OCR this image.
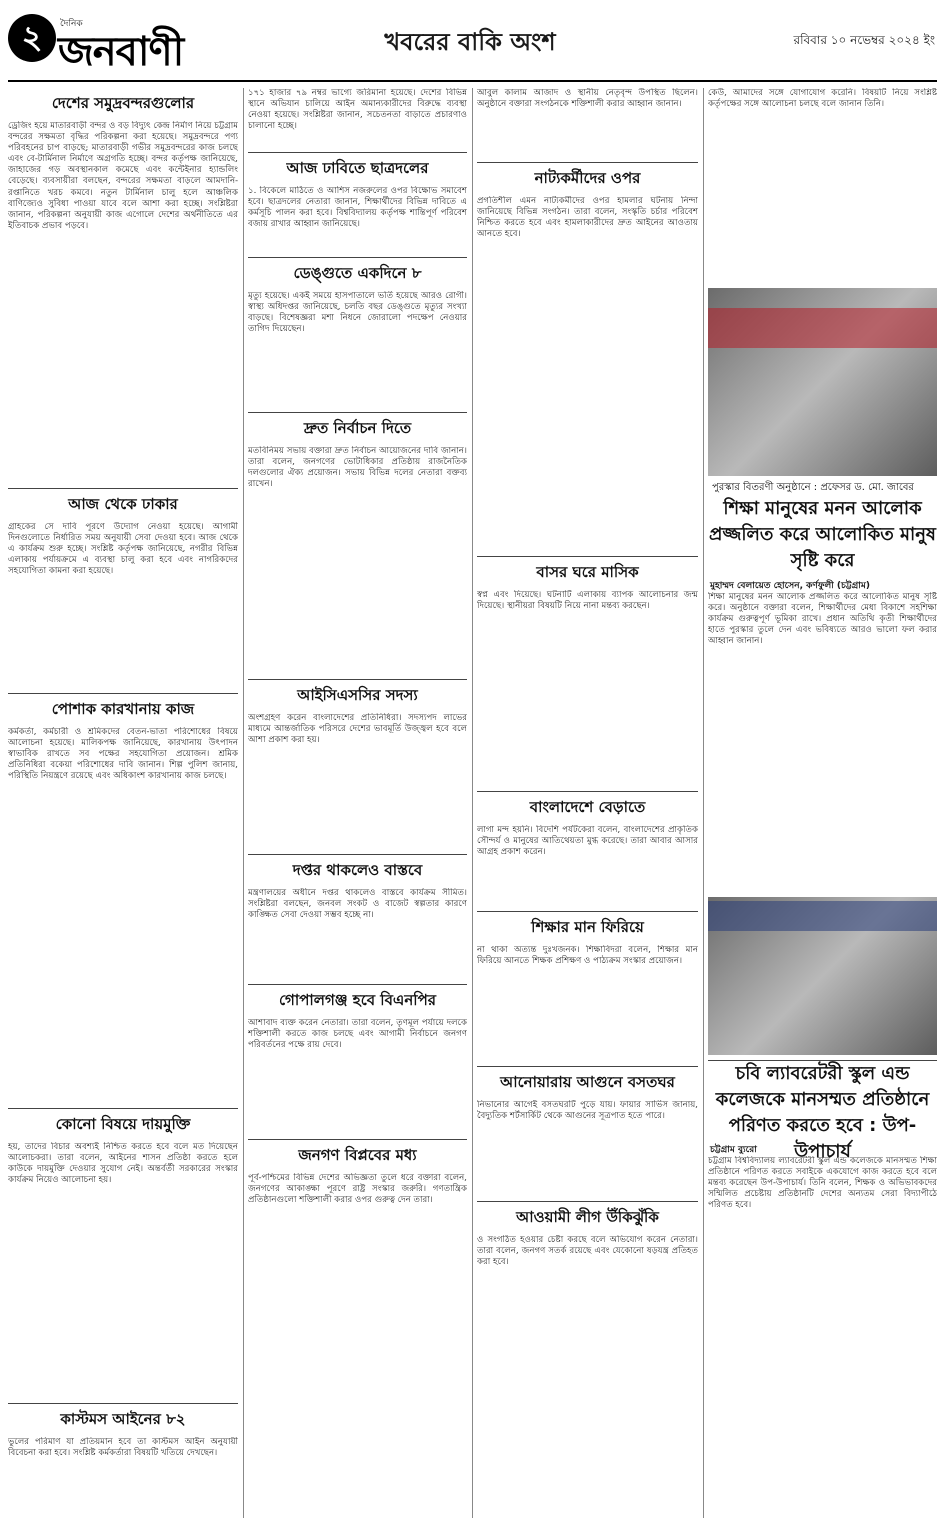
২	দৈনিক
জনবাণী	খবরের বাকি অংশ	রবিবার ১০ নভেম্বর ২০২৪ ইং
দেশের সমুদ্রবন্দরগুলোর
ড্রেজিং হয়ে মাতারবাড়ী বন্দর ও বড় বিদ্যুৎ কেন্দ্র নির্মাণ নিয়ে চট্টগ্রাম বন্দরের সক্ষমতা বৃদ্ধির পরিকল্পনা করা হয়েছে। সমুদ্রবন্দরে পণ্য পরিবহনের চাপ বাড়ছে; মাতারবাড়ী গভীর সমুদ্রবন্দরের কাজ চলছে এবং বে-টার্মিনাল নির্মাণে অগ্রগতি হচ্ছে। বন্দর কর্তৃপক্ষ জানিয়েছে, জাহাজের গড় অবস্থানকাল কমেছে এবং কন্টেইনার হ্যান্ডলিং বেড়েছে। ব্যবসায়ীরা বলছেন, বন্দরের সক্ষমতা বাড়লে আমদানি-রপ্তানিতে খরচ কমবে। নতুন টার্মিনাল চালু হলে আঞ্চলিক বাণিজ্যেও সুবিধা পাওয়া যাবে বলে আশা করা হচ্ছে। সংশ্লিষ্টরা জানান, পরিকল্পনা অনুযায়ী কাজ এগোলে দেশের অর্থনীতিতে এর ইতিবাচক প্রভাব পড়বে।
আজ থেকে ঢাকার
গ্রাহকের সে দাবি পূরণে উদ্যোগ নেওয়া হয়েছে। আগামী দিনগুলোতে নির্ধারিত সময় অনুযায়ী সেবা দেওয়া হবে। আজ থেকে এ কার্যক্রম শুরু হচ্ছে। সংশ্লিষ্ট কর্তৃপক্ষ জানিয়েছে, নগরীর বিভিন্ন এলাকায় পর্যায়ক্রমে এ ব্যবস্থা চালু করা হবে এবং নাগরিকদের সহযোগিতা কামনা করা হয়েছে।
পোশাক কারখানায় কাজ
কর্মকর্তা, কর্মচারী ও শ্রমিকদের বেতন-ভাতা পরিশোধের বিষয়ে আলোচনা হয়েছে। মালিকপক্ষ জানিয়েছে, কারখানায় উৎপাদন স্বাভাবিক রাখতে সব পক্ষের সহযোগিতা প্রয়োজন। শ্রমিক প্রতিনিধিরা বকেয়া পরিশোধের দাবি জানান। শিল্প পুলিশ জানায়, পরিস্থিতি নিয়ন্ত্রণে রয়েছে এবং অধিকাংশ কারখানায় কাজ চলছে।
কোনো বিষয়ে দায়মুক্তি
হয়, তাদের বিচার অবশ্যই নিশ্চিত করতে হবে বলে মত দিয়েছেন আলোচকরা। তারা বলেন, আইনের শাসন প্রতিষ্ঠা করতে হলে কাউকে দায়মুক্তি দেওয়ার সুযোগ নেই। অন্তর্বর্তী সরকারের সংস্কার কার্যক্রম নিয়েও আলোচনা হয়।
কাস্টমস আইনের ৮২
ভুলের পরিমাণ যা প্রতিয়মান হবে তা কাস্টমস আইন অনুযায়ী বিবেচনা করা হবে। সংশ্লিষ্ট কর্মকর্তারা বিষয়টি খতিয়ে দেখছেন।
১৭১ হাজার ৭৯ নম্বর ভাগ্যে জরিমানা হয়েছে। দেশের বিভিন্ন স্থানে অভিযান চালিয়ে আইন অমান্যকারীদের বিরুদ্ধে ব্যবস্থা নেওয়া হয়েছে। সংশ্লিষ্টরা জানান, সচেতনতা বাড়াতে প্রচারণাও চালানো হচ্ছে।
আজ ঢাবিতে ছাত্রদলের
১. বিকেলে মাঠিতে ও আশিস নজরুলের ওপর বিক্ষোভ সমাবেশ হবে। ছাত্রদলের নেতারা জানান, শিক্ষার্থীদের বিভিন্ন দাবিতে এ কর্মসূচি পালন করা হবে। বিশ্ববিদ্যালয় কর্তৃপক্ষ শান্তিপূর্ণ পরিবেশ বজায় রাখার আহ্বান জানিয়েছে।
ডেঙ্গুতে একদিনে ৮
মৃত্যু হয়েছে। একই সময়ে হাসপাতালে ভর্তি হয়েছে আরও রোগী। স্বাস্থ্য অধিদপ্তর জানিয়েছে, চলতি বছর ডেঙ্গুতে মৃত্যুর সংখ্যা বাড়ছে। বিশেষজ্ঞরা মশা নিধনে জোরালো পদক্ষেপ নেওয়ার তাগিদ দিয়েছেন।
দ্রুত নির্বাচন দিতে
মতবিনিময় সভায় বক্তারা দ্রুত নির্বাচন আয়োজনের দাবি জানান। তারা বলেন, জনগণের ভোটাধিকার প্রতিষ্ঠায় রাজনৈতিক দলগুলোর ঐক্য প্রয়োজন। সভায় বিভিন্ন দলের নেতারা বক্তব্য রাখেন।
আইসিএসসির সদস্য
অংশগ্রহণ করেন বাংলাদেশের প্রতিনিধিরা। সদস্যপদ লাভের মাধ্যমে আন্তর্জাতিক পরিসরে দেশের ভাবমূর্তি উজ্জ্বল হবে বলে আশা প্রকাশ করা হয়।
দপ্তর থাকলেও বাস্তবে
মন্ত্রণালয়ের অধীনে দপ্তর থাকলেও বাস্তবে কার্যক্রম সীমিত। সংশ্লিষ্টরা বলছেন, জনবল সংকট ও বাজেট স্বল্পতার কারণে কাঙ্ক্ষিত সেবা দেওয়া সম্ভব হচ্ছে না।
গোপালগঞ্জ হবে বিএনপির
আশাবাদ ব্যক্ত করেন নেতারা। তারা বলেন, তৃণমূল পর্যায়ে দলকে শক্তিশালী করতে কাজ চলছে এবং আগামী নির্বাচনে জনগণ পরিবর্তনের পক্ষে রায় দেবে।
জনগণ বিপ্লবের মধ্য
পূর্ব-পশ্চিমের বিভিন্ন দেশের অভিজ্ঞতা তুলে ধরে বক্তারা বলেন, জনগণের আকাঙ্ক্ষা পূরণে রাষ্ট্র সংস্কার জরুরি। গণতান্ত্রিক প্রতিষ্ঠানগুলো শক্তিশালী করার ওপর গুরুত্ব দেন তারা।
আবুল কালাম আজাদ ও স্থানীয় নেতৃবৃন্দ উপস্থিত ছিলেন। অনুষ্ঠানে বক্তারা সংগঠনকে শক্তিশালী করার আহ্বান জানান।
নাট্যকর্মীদের ওপর
প্রগতিশীল এমন নাট্যকর্মীদের ওপর হামলার ঘটনায় নিন্দা জানিয়েছে বিভিন্ন সংগঠন। তারা বলেন, সংস্কৃতি চর্চার পরিবেশ নিশ্চিত করতে হবে এবং হামলাকারীদের দ্রুত আইনের আওতায় আনতে হবে।
বাসর ঘরে মাসিক
স্বপ্ন এবং দিয়েছে। ঘটনাটি এলাকায় ব্যাপক আলোচনার জন্ম দিয়েছে। স্থানীয়রা বিষয়টি নিয়ে নানা মন্তব্য করছেন।
বাংলাদেশে বেড়াতে
লাগা মন্দ হয়নি। বিদেশি পর্যটকেরা বলেন, বাংলাদেশের প্রাকৃতিক সৌন্দর্য ও মানুষের আতিথেয়তা মুগ্ধ করেছে। তারা আবার আসার আগ্রহ প্রকাশ করেন।
শিক্ষার মান ফিরিয়ে
না থাকা অত্যন্ত দুঃখজনক। শিক্ষাবিদরা বলেন, শিক্ষার মান ফিরিয়ে আনতে শিক্ষক প্রশিক্ষণ ও পাঠ্যক্রম সংস্কার প্রয়োজন।
আনোয়ারায় আগুনে বসতঘর
নিভানোর আগেই বসতঘরটি পুড়ে যায়। ফায়ার সার্ভিস জানায়, বৈদ্যুতিক শর্টসার্কিট থেকে আগুনের সূত্রপাত হতে পারে।
আওয়ামী লীগ উঁকিঝুঁকি
ও সংগঠিত হওয়ার চেষ্টা করছে বলে অভিযোগ করেন নেতারা। তারা বলেন, জনগণ সতর্ক রয়েছে এবং যেকোনো ষড়যন্ত্র প্রতিহত করা হবে।
কেউ, আমাদের সঙ্গে যোগাযোগ করেনি। বিষয়টি নিয়ে সংশ্লিষ্ট কর্তৃপক্ষের সঙ্গে আলোচনা চলছে বলে জানান তিনি।
পুরস্কার বিতরণী অনুষ্ঠানে : প্রফেসর ড. মো. জাবের
শিক্ষা মানুষের মনন আলোক প্রজ্জলিত করে আলোকিত মানুষ সৃষ্টি করে
মুহাম্মদ বেলায়েত হোসেন, কর্ণফুলী (চট্টগ্রাম)
শিক্ষা মানুষের মনন আলোক প্রজ্জলিত করে আলোকিত মানুষ সৃষ্টি করে। অনুষ্ঠানে বক্তারা বলেন, শিক্ষার্থীদের মেধা বিকাশে সহশিক্ষা কার্যক্রম গুরুত্বপূর্ণ ভূমিকা রাখে। প্রধান অতিথি কৃতী শিক্ষার্থীদের হাতে পুরস্কার তুলে দেন এবং ভবিষ্যতে আরও ভালো ফল করার আহ্বান জানান।
চবি ল্যাবরেটরী স্কুল এন্ড কলেজকে মানসম্মত প্রতিষ্ঠানে পরিণত করতে হবে : উপ-উপাচার্য
চট্টগ্রাম ব্যুরো
চট্টগ্রাম বিশ্ববিদ্যালয় ল্যাবরেটরী স্কুল এন্ড কলেজকে মানসম্মত শিক্ষা প্রতিষ্ঠানে পরিণত করতে সবাইকে একযোগে কাজ করতে হবে বলে মন্তব্য করেছেন উপ-উপাচার্য। তিনি বলেন, শিক্ষক ও অভিভাবকদের সম্মিলিত প্রচেষ্টায় প্রতিষ্ঠানটি দেশের অন্যতম সেরা বিদ্যাপীঠে পরিণত হবে।
